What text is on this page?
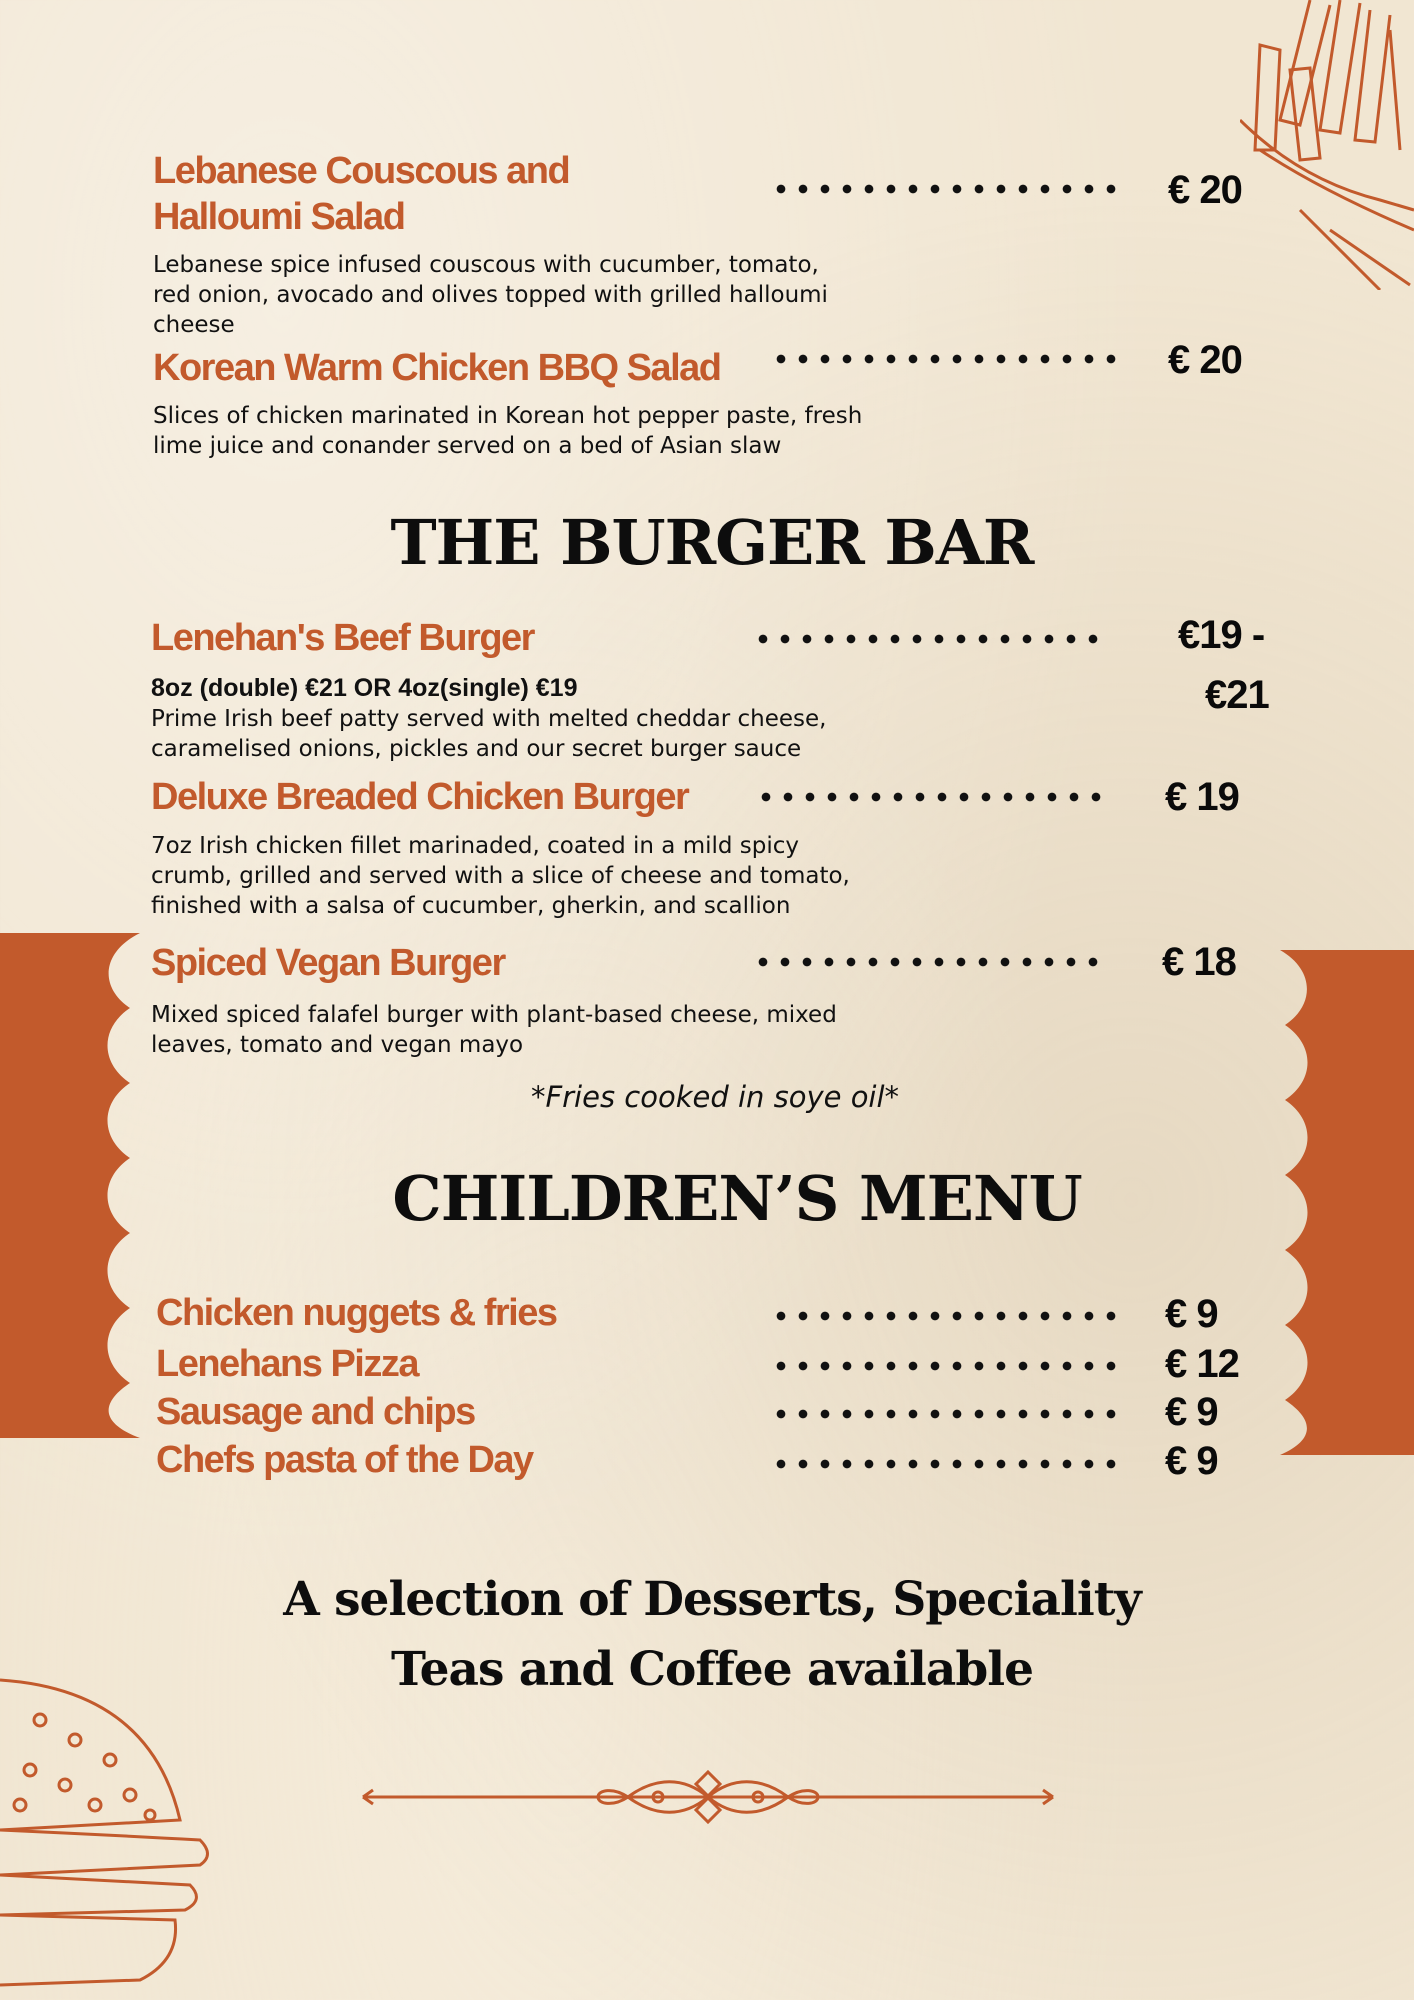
Lebanese Couscous and
Halloumi Salad
€ 20
Lebanese spice infused couscous with cucumber, tomato,
red onion, avocado and olives topped with grilled halloumi
cheese
Korean Warm Chicken BBQ Salad	€ 20
Slices of chicken marinated in Korean hot pepper paste, fresh
lime juice and conander served on a bed of Asian slaw
THE BURGER BAR
Lenehan's Beef Burger	€19 -
€21
8oz (double) €21 OR 4oz(single) €19
Prime Irish beef patty served with melted cheddar cheese,
caramelised onions, pickles and our secret burger sauce
Deluxe Breaded Chicken Burger	€ 19
7oz Irish chicken fillet marinaded, coated in a mild spicy
crumb, grilled and served with a slice of cheese and tomato,
finished with a salsa of cucumber, gherkin, and scallion
Spiced Vegan Burger	€ 18
Mixed spiced falafel burger with plant-based cheese, mixed
leaves, tomato and vegan mayo
*Fries cooked in soye oil*
CHILDREN’S MENU
Chicken nuggets & fries	€ 9
Lenehans Pizza	€ 12
Sausage and chips	€ 9
Chefs pasta of the Day	€ 9
A selection of Desserts, Speciality
Teas and Coffee available
